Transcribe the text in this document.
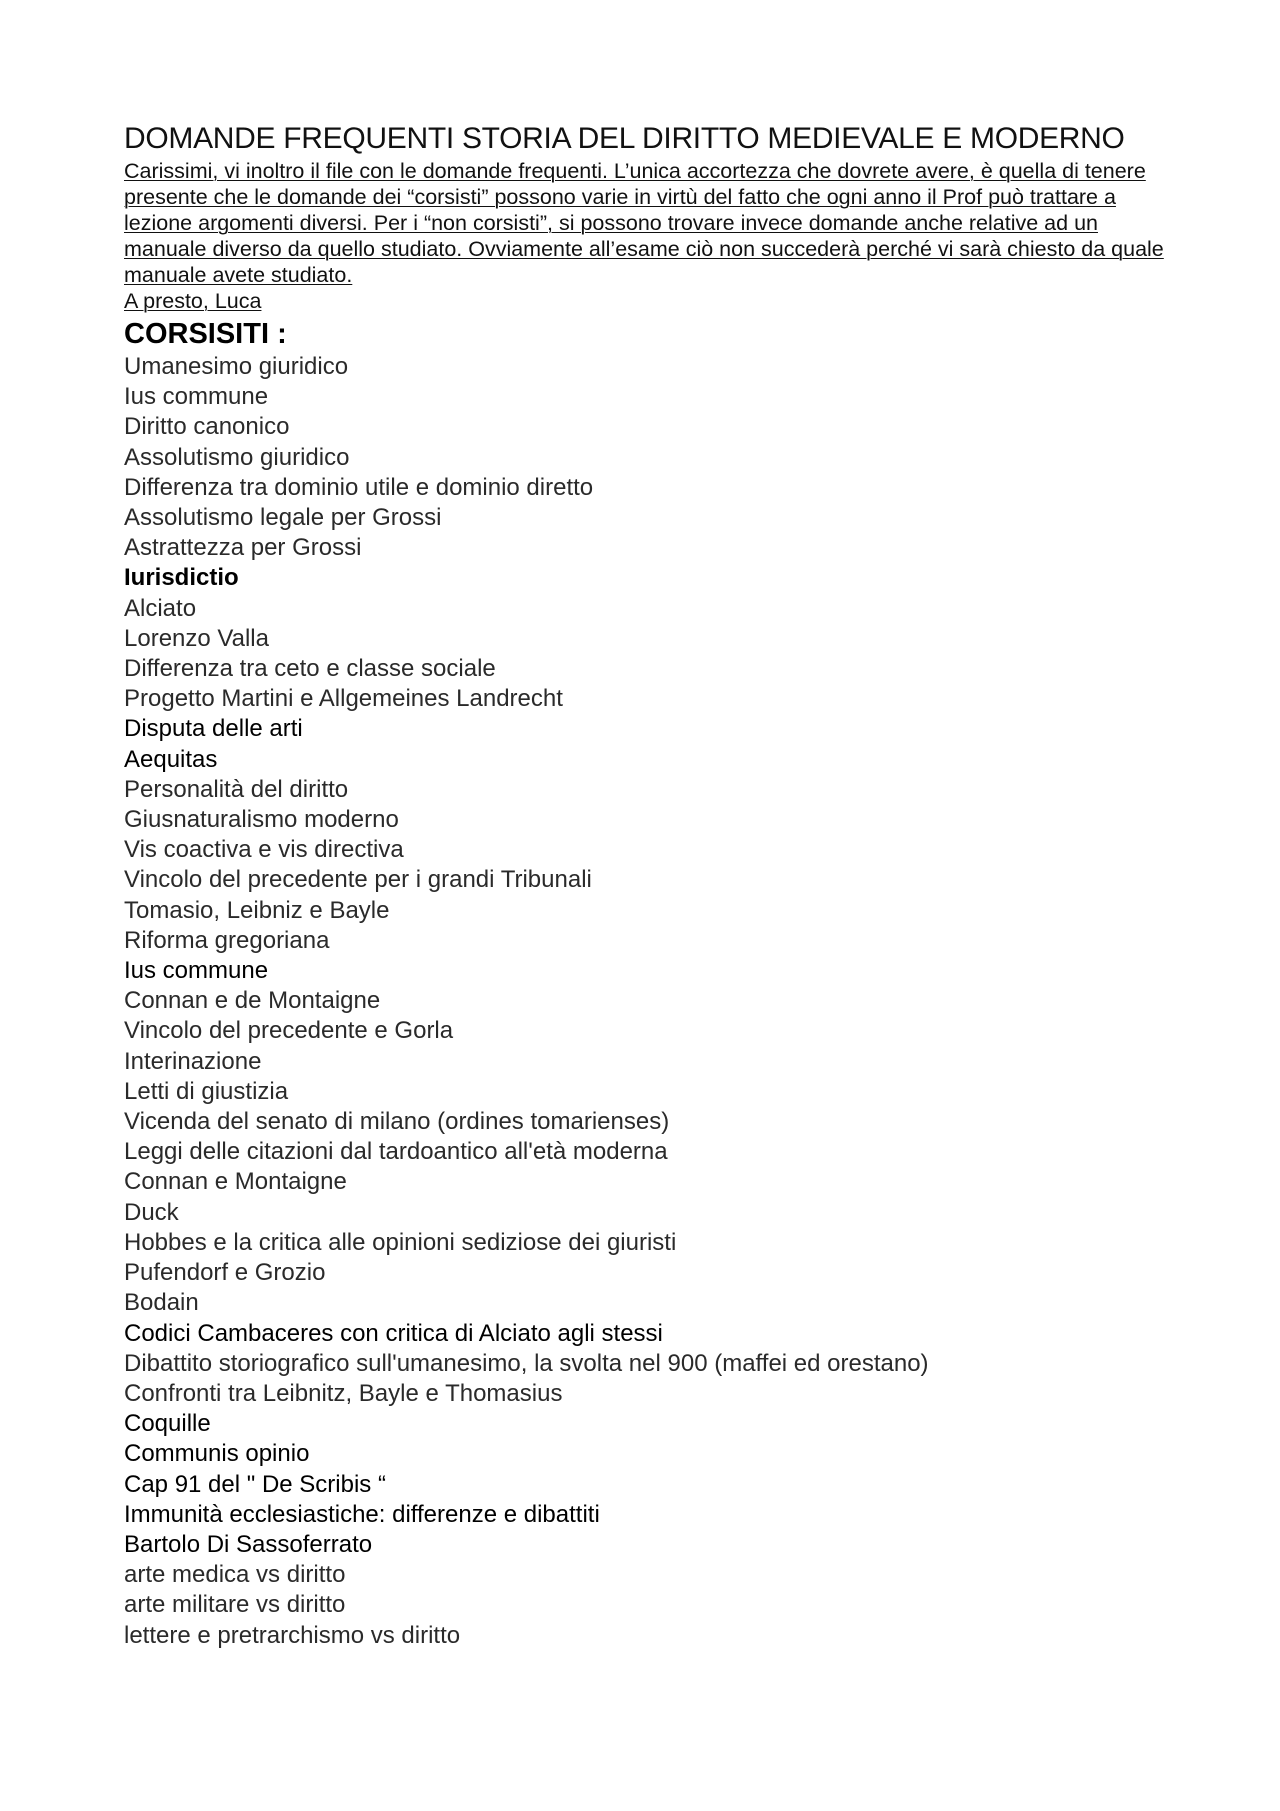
DOMANDE FREQUENTI STORIA DEL DIRITTO MEDIEVALE E MODERNO

Carissimi, vi inoltro il file con le domande frequenti. L’unica accortezza che dovrete avere, è quella di tenere presente che le domande dei “corsisti” possono varie in virtù del fatto che ogni anno il Prof può trattare a lezione argomenti diversi. Per i “non corsisti”, si possono trovare invece domande anche relative ad un manuale diverso da quello studiato. Ovviamente all’esame ciò non succederà perché vi sarà chiesto da quale manuale avete studiato.

A presto, Luca

CORSISITI :
Umanesimo giuridico
Ius commune
Diritto canonico
Assolutismo giuridico
Differenza tra dominio utile e dominio diretto
Assolutismo legale per Grossi
Astrattezza per Grossi
Iurisdictio
Alciato
Lorenzo Valla
Differenza tra ceto e classe sociale
Progetto Martini e Allgemeines Landrecht
Disputa delle arti
Aequitas
Personalità del diritto
Giusnaturalismo moderno
Vis coactiva e vis directiva
Vincolo del precedente per i grandi Tribunali
Tomasio, Leibniz e Bayle
Riforma gregoriana
Ius commune
Connan e de Montaigne
Vincolo del precedente e Gorla
Interinazione
Letti di giustizia
Vicenda del senato di milano (ordines tomarienses)
Leggi delle citazioni dal tardoantico all'età moderna
Connan e Montaigne
Duck
Hobbes e la critica alle opinioni sediziose dei giuristi
Pufendorf e Grozio
Bodain
Codici Cambaceres con critica di Alciato agli stessi
Dibattito storiografico sull'umanesimo, la svolta nel 900 (maffei ed orestano)
Confronti tra Leibnitz, Bayle e Thomasius
Coquille
Communis opinio
Cap 91 del " De Scribis “
Immunità ecclesiastiche: differenze e dibattiti
Bartolo Di Sassoferrato
arte medica vs diritto
arte militare vs diritto
lettere e pretrarchismo vs diritto
